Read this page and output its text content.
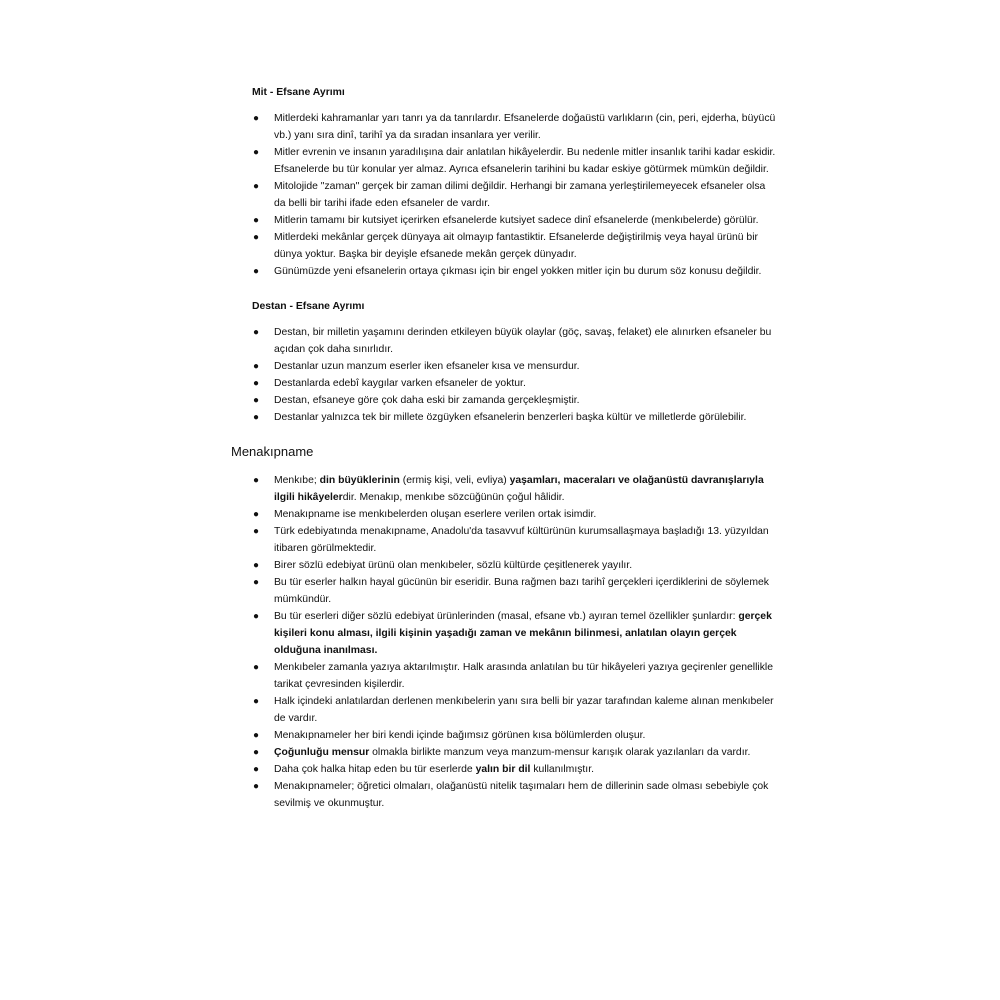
Mit - Efsane Ayrımı
● Mitlerdeki kahramanlar yarı tanrı ya da tanrılardır. Efsanelerde doğaüstü varlıkların (cin, peri, ejderha, büyücü vb.) yanı sıra dinî, tarihî ya da sıradan insanlara yer verilir.
● Mitler evrenin ve insanın yaradılışına dair anlatılan hikâyelerdir. Bu nedenle mitler insanlık tarihi kadar eskidir. Efsanelerde bu tür konular yer almaz. Ayrıca efsanelerin tarihini bu kadar eskiye götürmek mümkün değildir.
● Mitolojide "zaman" gerçek bir zaman dilimi değildir. Herhangi bir zamana yerleştirilemeyecek efsaneler olsa da belli bir tarihi ifade eden efsaneler de vardır.
● Mitlerin tamamı bir kutsiyet içerirken efsanelerde kutsiyet sadece dinî efsanelerde (menkıbelerde) görülür.
● Mitlerdeki mekânlar gerçek dünyaya ait olmayıp fantastiktir. Efsanelerde değiştirilmiş veya hayal ürünü bir dünya yoktur. Başka bir deyişle efsanede mekân gerçek dünyadır.
● Günümüzde yeni efsanelerin ortaya çıkması için bir engel yokken mitler için bu durum söz konusu değildir.
Destan - Efsane Ayrımı
● Destan, bir milletin yaşamını derinden etkileyen büyük olaylar (göç, savaş, felaket) ele alınırken efsaneler bu açıdan çok daha sınırlıdır.
● Destanlar uzun manzum eserler iken efsaneler kısa ve mensurdur.
● Destanlarda edebî kaygılar varken efsaneler de yoktur.
● Destan, efsaneye göre çok daha eski bir zamanda gerçekleşmiştir.
● Destanlar yalnızca tek bir millete özgüyken efsanelerin benzerleri başka kültür ve milletlerde görülebilir.
Menakıpname
● Menkıbe; din büyüklerinin (ermiş kişi, veli, evliya) yaşamları, maceraları ve olağanüstü davranışlarıyla ilgili hikâyelerdir. Menakıp, menkıbe sözcüğünün çoğul hâlidir.
● Menakıpname ise menkıbelerden oluşan eserlere verilen ortak isimdir.
● Türk edebiyatında menakıpname, Anadolu'da tasavvuf kültürünün kurumsallaşmaya başladığı 13. yüzyıldan itibaren görülmektedir.
● Birer sözlü edebiyat ürünü olan menkıbeler, sözlü kültürde çeşitlenerek yayılır.
● Bu tür eserler halkın hayal gücünün bir eseridir. Buna rağmen bazı tarihî gerçekleri içerdiklerini de söylemek mümkündür.
● Bu tür eserleri diğer sözlü edebiyat ürünlerinden (masal, efsane vb.) ayıran temel özellikler şunlardır: gerçek kişileri konu alması, ilgili kişinin yaşadığı zaman ve mekânın bilinmesi, anlatılan olayın gerçek olduğuna inanılması.
● Menkıbeler zamanla yazıya aktarılmıştır. Halk arasında anlatılan bu tür hikâyeleri yazıya geçirenler genellikle tarikat çevresinden kişilerdir.
● Halk içindeki anlatılardan derlenen menkıbelerin yanı sıra belli bir yazar tarafından kaleme alınan menkıbeler de vardır.
● Menakıpnameler her biri kendi içinde bağımsız görünen kısa bölümlerden oluşur.
● Çoğunluğu mensur olmakla birlikte manzum veya manzum-mensur karışık olarak yazılanları da vardır.
● Daha çok halka hitap eden bu tür eserlerde yalın bir dil kullanılmıştır.
● Menakıpnameler; öğretici olmaları, olağanüstü nitelik taşımaları hem de dillerinin sade olması sebebiyle çok sevilmiş ve okunmuştur.
